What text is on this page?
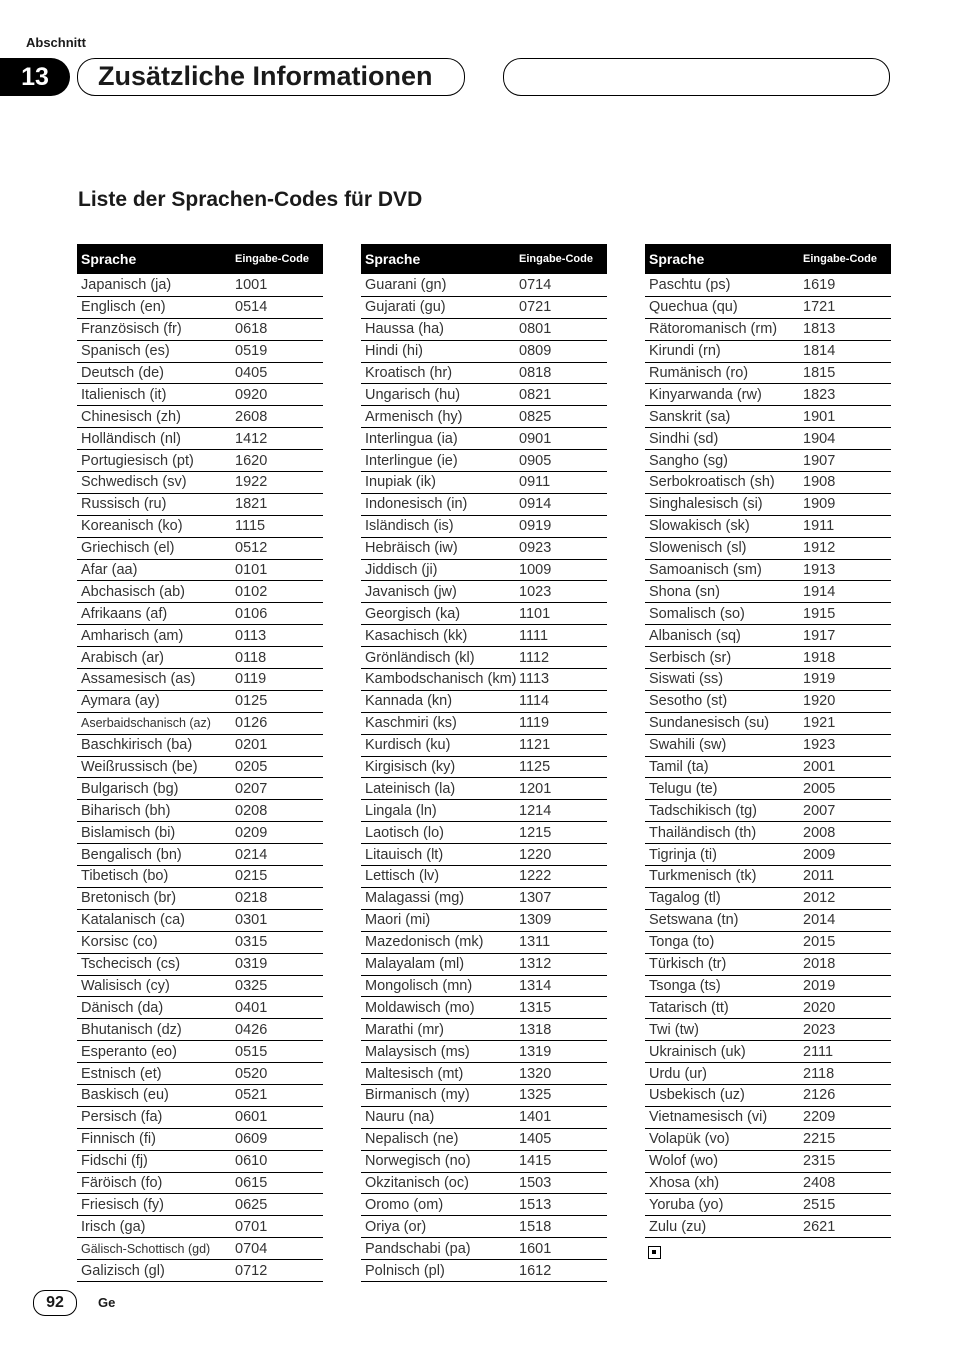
Abschnitt
13	Zusätzliche Informationen
Liste der Sprachen-Codes für DVD
Sprache	Eingabe-Code
Japanisch (ja)	1001
Englisch (en)	0514
Französisch (fr)	0618
Spanisch (es)	0519
Deutsch (de)	0405
Italienisch (it)	0920
Chinesisch (zh)	2608
Holländisch (nl)	1412
Portugiesisch (pt)	1620
Schwedisch (sv)	1922
Russisch (ru)	1821
Koreanisch (ko)	1115
Griechisch (el)	0512
Afar (aa)	0101
Abchasisch (ab)	0102
Afrikaans (af)	0106
Amharisch (am)	0113
Arabisch (ar)	0118
Assamesisch (as)	0119
Aymara (ay)	0125
Aserbaidschanisch (az)	0126
Baschkirisch (ba)	0201
Weißrussisch (be)	0205
Bulgarisch (bg)	0207
Biharisch (bh)	0208
Bislamisch (bi)	0209
Bengalisch (bn)	0214
Tibetisch (bo)	0215
Bretonisch (br)	0218
Katalanisch (ca)	0301
Korsisc (co)	0315
Tschecisch (cs)	0319
Walisisch (cy)	0325
Dänisch (da)	0401
Bhutanisch (dz)	0426
Esperanto (eo)	0515
Estnisch (et)	0520
Baskisch (eu)	0521
Persisch (fa)	0601
Finnisch (fi)	0609
Fidschi (fj)	0610
Färöisch (fo)	0615
Friesisch (fy)	0625
Irisch (ga)	0701
Gälisch-Schottisch (gd)	0704
Galizisch (gl)	0712
Sprache	Eingabe-Code
Guarani (gn)	0714
Gujarati (gu)	0721
Haussa (ha)	0801
Hindi (hi)	0809
Kroatisch (hr)	0818
Ungarisch (hu)	0821
Armenisch (hy)	0825
Interlingua (ia)	0901
Interlingue (ie)	0905
Inupiak (ik)	0911
Indonesisch (in)	0914
Isländisch (is)	0919
Hebräisch (iw)	0923
Jiddisch (ji)	1009
Javanisch (jw)	1023
Georgisch (ka)	1101
Kasachisch (kk)	1111
Grönländisch (kl)	1112
Kambodschanisch (km) 1113
Kannada (kn)	1114
Kaschmiri (ks)	1119
Kurdisch (ku)	1121
Kirgisisch (ky)	1125
Lateinisch (la)	1201
Lingala (ln)	1214
Laotisch (lo)	1215
Litauisch (lt)	1220
Lettisch (lv)	1222
Malagassi (mg)	1307
Maori (mi)	1309
Mazedonisch (mk)	1311
Malayalam (ml)	1312
Mongolisch (mn)	1314
Moldawisch (mo)	1315
Marathi (mr)	1318
Malaysisch (ms)	1319
Maltesisch (mt)	1320
Birmanisch (my)	1325
Nauru (na)	1401
Nepalisch (ne)	1405
Norwegisch (no)	1415
Okzitanisch (oc)	1503
Oromo (om)	1513
Oriya (or)	1518
Pandschabi (pa)	1601
Polnisch (pl)	1612
Sprache	Eingabe-Code
Paschtu (ps)	1619
Quechua (qu)	1721
Rätoromanisch (rm)	1813
Kirundi (rn)	1814
Rumänisch (ro)	1815
Kinyarwanda (rw)	1823
Sanskrit (sa)	1901
Sindhi (sd)	1904
Sangho (sg)	1907
Serbokroatisch (sh)	1908
Singhalesisch (si)	1909
Slowakisch (sk)	1911
Slowenisch (sl)	1912
Samoanisch (sm)	1913
Shona (sn)	1914
Somalisch (so)	1915
Albanisch (sq)	1917
Serbisch (sr)	1918
Siswati (ss)	1919
Sesotho (st)	1920
Sundanesisch (su)	1921
Swahili (sw)	1923
Tamil (ta)	2001
Telugu (te)	2005
Tadschikisch (tg)	2007
Thailändisch (th)	2008
Tigrinja (ti)	2009
Turkmenisch (tk)	2011
Tagalog (tl)	2012
Setswana (tn)	2014
Tonga (to)	2015
Türkisch (tr)	2018
Tsonga (ts)	2019
Tatarisch (tt)	2020
Twi (tw)	2023
Ukrainisch (uk)	2111
Urdu (ur)	2118
Usbekisch (uz)	2126
Vietnamesisch (vi)	2209
Volapük (vo)	2215
Wolof (wo)	2315
Xhosa (xh)	2408
Yoruba (yo)	2515
Zulu (zu)	2621
92	Ge
